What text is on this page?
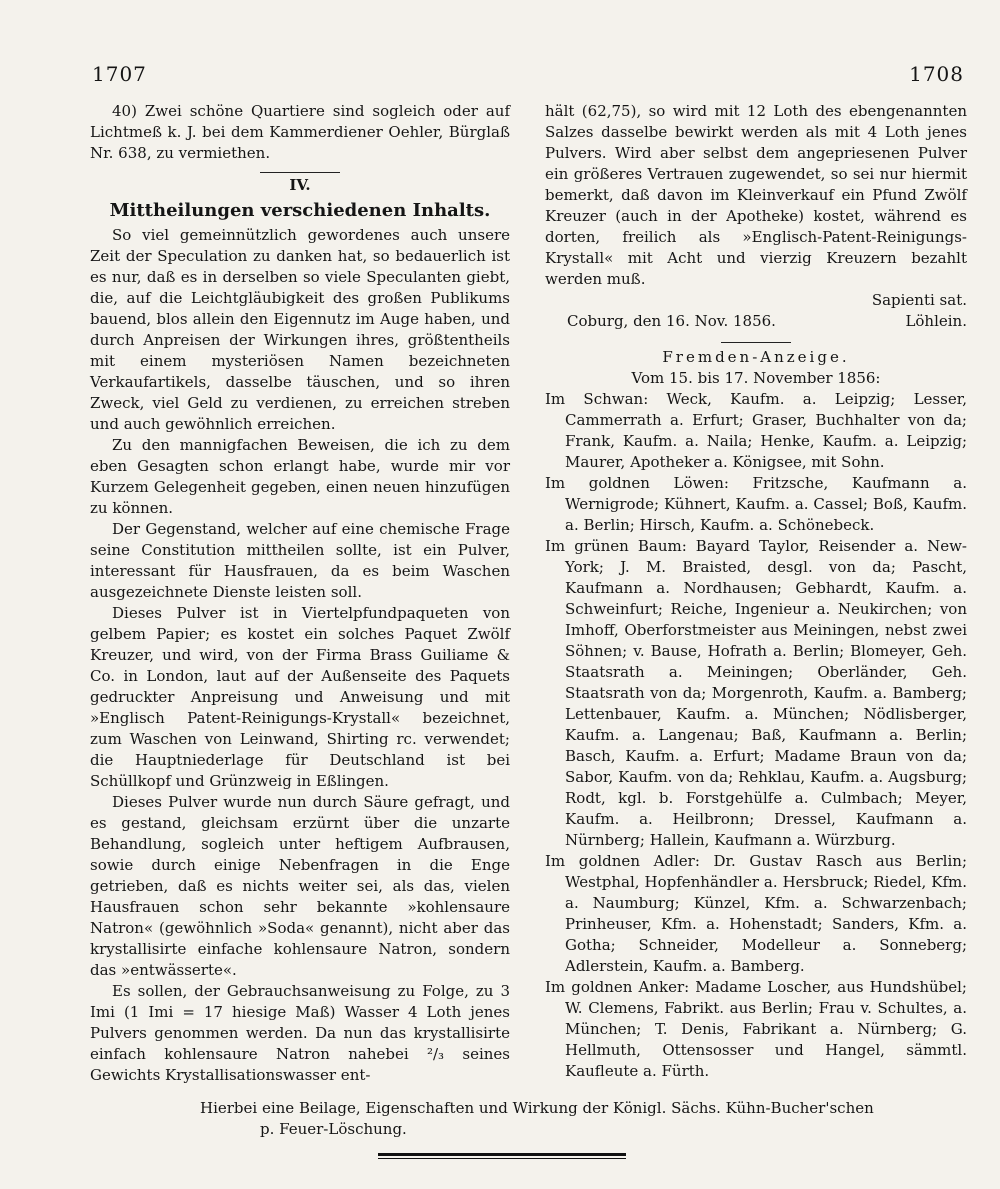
1707	1708

40) Zwei schöne Quartiere sind sogleich oder auf Lichtmeß k. J. bei dem Kammerdiener Oehler, Bürglaß Nr. 638, zu vermiethen.

IV.
Mittheilungen verschiedenen Inhalts.

So viel gemeinnützlich gewordenes auch unsere Zeit der Speculation zu danken hat, so bedauerlich ist es nur, daß es in derselben so viele Speculanten giebt, die, auf die Leichtgläubigkeit des großen Publikums bauend, blos allein den Eigennutz im Auge haben, und durch Anpreisen der Wirkungen ihres, größtentheils mit einem mysteriösen Namen bezeichneten Verkaufartikels, dasselbe täuschen, und so ihren Zweck, viel Geld zu verdienen, zu erreichen streben und auch gewöhnlich erreichen.

Zu den mannigfachen Beweisen, die ich zu dem eben Gesagten schon erlangt habe, wurde mir vor Kurzem Gelegenheit gegeben, einen neuen hinzufügen zu können.

Der Gegenstand, welcher auf eine chemische Frage seine Constitution mittheilen sollte, ist ein Pulver, interessant für Hausfrauen, da es beim Waschen ausgezeichnete Dienste leisten soll.

Dieses Pulver ist in Viertelpfundpaqueten von gelbem Papier; es kostet ein solches Paquet Zwölf Kreuzer, und wird, von der Firma Brass Guiliame & Co. in London, laut auf der Außenseite des Paquets gedruckter Anpreisung und Anweisung und mit »Englisch Patent-Reinigungs-Krystall« bezeichnet, zum Waschen von Leinwand, Shirting rc. verwendet; die Hauptniederlage für Deutschland ist bei Schüllkopf und Grünzweig in Eßlingen.

Dieses Pulver wurde nun durch Säure gefragt, und es gestand, gleichsam erzürnt über die unzarte Behandlung, sogleich unter heftigem Aufbrausen, sowie durch einige Nebenfragen in die Enge getrieben, daß es nichts weiter sei, als das, vielen Hausfrauen schon sehr bekannte »kohlensaure Natron« (gewöhnlich »Soda« genannt), nicht aber das krystallisirte einfache kohlensaure Natron, sondern das »entwässerte«.

Es sollen, der Gebrauchsanweisung zu Folge, zu 3 Imi (1 Imi = 17 hiesige Maß) Wasser 4 Loth jenes Pulvers genommen werden. Da nun das krystallisirte einfach kohlensaure Natron nahebei ²/₃ seines Gewichts Krystallisationswasser ent-

hält (62,75), so wird mit 12 Loth des ebengenannten Salzes dasselbe bewirkt werden als mit 4 Loth jenes Pulvers. Wird aber selbst dem angepriesenen Pulver ein größeres Vertrauen zugewendet, so sei nur hiermit bemerkt, daß davon im Kleinverkauf ein Pfund Zwölf Kreuzer (auch in der Apotheke) kostet, während es dorten, freilich als »Englisch-Patent-Reinigungs-Krystall« mit Acht und vierzig Kreuzern bezahlt werden muß.

Sapienti sat.

Coburg, den 16. Nov. 1856.	Löhlein.
Fremden-Anzeige.
Vom 15. bis 17. November 1856:

Im Schwan: Weck, Kaufm. a. Leipzig; Lesser, Cammerrath a. Erfurt; Graser, Buchhalter von da; Frank, Kaufm. a. Naila; Henke, Kaufm. a. Leipzig; Maurer, Apotheker a. Königsee, mit Sohn.

Im goldnen Löwen: Fritzsche, Kaufmann a. Wernigrode; Kühnert, Kaufm. a. Cassel; Boß, Kaufm. a. Berlin; Hirsch, Kaufm. a. Schönebeck.

Im grünen Baum: Bayard Taylor, Reisender a. New-York; J. M. Braisted, desgl. von da; Pascht, Kaufmann a. Nordhausen; Gebhardt, Kaufm. a. Schweinfurt; Reiche, Ingenieur a. Neukirchen; von Imhoff, Oberforstmeister aus Meiningen, nebst zwei Söhnen; v. Bause, Hofrath a. Berlin; Blomeyer, Geh. Staatsrath a. Meiningen; Oberländer, Geh. Staatsrath von da; Morgenroth, Kaufm. a. Bamberg; Lettenbauer, Kaufm. a. München; Nödlisberger, Kaufm. a. Langenau; Baß, Kaufmann a. Berlin; Basch, Kaufm. a. Erfurt; Madame Braun von da; Sabor, Kaufm. von da; Rehklau, Kaufm. a. Augsburg; Rodt, kgl. b. Forstgehülfe a. Culmbach; Meyer, Kaufm. a. Heilbronn; Dressel, Kaufmann a. Nürnberg; Hallein, Kaufmann a. Würzburg.

Im goldnen Adler: Dr. Gustav Rasch aus Berlin; Westphal, Hopfenhändler a. Hersbruck; Riedel, Kfm. a. Naumburg; Künzel, Kfm. a. Schwarzenbach; Prinheuser, Kfm. a. Hohenstadt; Sanders, Kfm. a. Gotha; Schneider, Modelleur a. Sonneberg; Adlerstein, Kaufm. a. Bamberg.

Im goldnen Anker: Madame Loscher, aus Hundshübel; W. Clemens, Fabrikt. aus Berlin; Frau v. Schultes, a. München; T. Denis, Fabrikant a. Nürnberg; G. Hellmuth, Ottensosser und Hangel, sämmtl. Kaufleute a. Fürth.

Hierbei eine Beilage, Eigenschaften und Wirkung der Königl. Sächs. Kühn-Bucher'schen

p. Feuer-Löschung.
